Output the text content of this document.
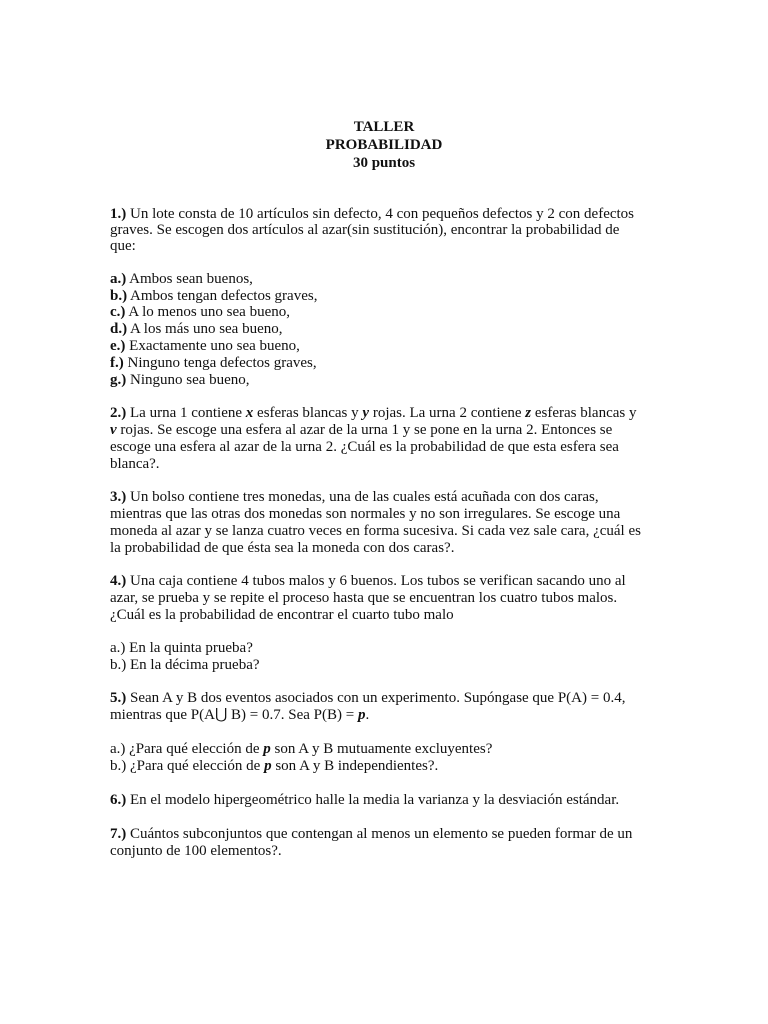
TALLER
PROBABILIDAD
30 puntos
1.) Un lote consta de 10 artículos sin defecto, 4 con pequeños defectos y 2 con defectos
graves. Se escogen dos artículos al azar(sin sustitución), encontrar la probabilidad de
que:
a.) Ambos sean buenos,
b.) Ambos tengan defectos graves,
c.) A lo menos uno sea bueno,
d.) A los más uno sea bueno,
e.) Exactamente uno sea bueno,
f.) Ninguno tenga defectos graves,
g.) Ninguno sea bueno,
2.) La urna 1 contiene x esferas blancas y y rojas. La urna 2 contiene z esferas blancas y
v rojas. Se escoge una esfera al azar de la urna 1 y se pone en la urna 2. Entonces se
escoge una esfera al azar de la urna 2. ¿Cuál es la probabilidad de que esta esfera sea
blanca?.
3.) Un bolso contiene tres monedas, una de las cuales está acuñada con dos caras,
mientras que las otras dos monedas son normales y no son irregulares. Se escoge una
moneda al azar y se lanza cuatro veces en forma sucesiva. Si cada vez sale cara, ¿cuál es
la probabilidad de que ésta sea la moneda con dos caras?.
4.) Una caja contiene 4 tubos malos y 6 buenos. Los tubos se verifican sacando uno al
azar, se prueba y se repite el proceso hasta que se encuentran los cuatro tubos malos.
¿Cuál es la probabilidad de encontrar el cuarto tubo malo
a.) En la quinta prueba?
b.) En la décima prueba?
5.) Sean A y B dos eventos asociados con un experimento. Supóngase que P(A) = 0.4,
mientras que P(A⋃ B) = 0.7. Sea P(B) = p.
a.) ¿Para qué elección de p son A y B mutuamente excluyentes?
b.) ¿Para qué elección de p son A y B independientes?.
6.) En el modelo hipergeométrico halle la media la varianza y la desviación estándar.
7.) Cuántos subconjuntos que contengan al menos un elemento se pueden formar de un
conjunto de 100 elementos?.
